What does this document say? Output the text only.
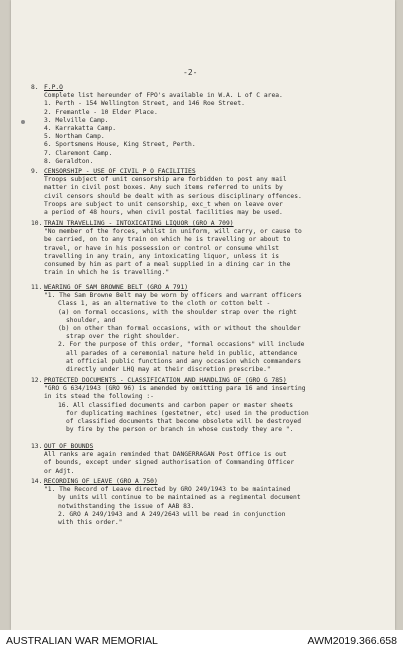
-2-
8. F.P.O
Complete list hereunder of FPO's available in W.A. L of C area.
1. Perth - 154 Wellington Street, and 146 Roe Street.
2. Fremantle - 10 Elder Place.
3. Melville Camp.
4. Karrakatta Camp.
5. Northam Camp.
6. Sportsmens House, King Street, Perth.
7. Claremont Camp.
8. Geraldton.
9. CENSORSHIP - USE OF CIVIL P O FACILITIES
Troops subject of unit censorship are forbidden to post any mail
matter in civil post boxes. Any such items referred to units by
civil censors should be dealt with as serious disciplinary offences.
Troops are subject to unit censorship, exc_t when on leave over
a period of 48 hours, when civil postal facilities may be used.
10. TRAIN TRAVELLING - INTOXICATING LIQUOR (GRO A 709)
"No member of the forces, whilst in uniform, will carry, or cause to
be carried, on to any train on which he is travelling or about to
travel, or have in his possession or control or consume whilst
travelling in any train, any intoxicating liquor, unless it is
consumed by him as part of a meal supplied in a dining car in the
train in which he is travelling."
11. WEARING OF SAM BROWNE BELT (GRO A 791)
"1. The Sam Browne Belt may be worn by officers and warrant officers
Class 1, as an alternative to the cloth or cotton belt -
(a) on formal occasions, with the shoulder strap over the right
shoulder, and
(b) on other than formal occasions, with or without the shoulder
strap over the right shoulder.
2. For the purpose of this order, "formal occasions" will include
all parades of a ceremonial nature held in public, attendance
at official public functions and any occasion which commanders
directly under LHQ may at their discretion prescribe."
12. PROTECTED DOCUMENTS - CLASSIFICATION AND HANDLING OF (GRO G 785)
"GRO G 634/1943 (GRO 96) is amended by omitting para 16 and inserting
in its stead the following :-
16. All classified documents and carbon paper or master sheets
for duplicating machines (gestetner, etc) used in the production
of classified documents that become obsolete will be destroyed
by fire by the person or branch in whose custody they are ".
13. OUT OF BOUNDS
All ranks are again reminded that DANGERRAGAN Post Office is out
of bounds, except under signed authorisation of Commanding Officer
or Adjt.
14. RECORDING OF LEAVE (GRO A 750)
"1. The Record of Leave directed by GRO 249/1943 to be maintained
by units will continue to be maintained as a regimental document
notwithstanding the issue of AAB 83.
2. GRO A 249/1943 and A 249/2643 will be read in conjunction
with this order."
AUSTRALIAN WAR MEMORIAL	AWM2019.366.658
